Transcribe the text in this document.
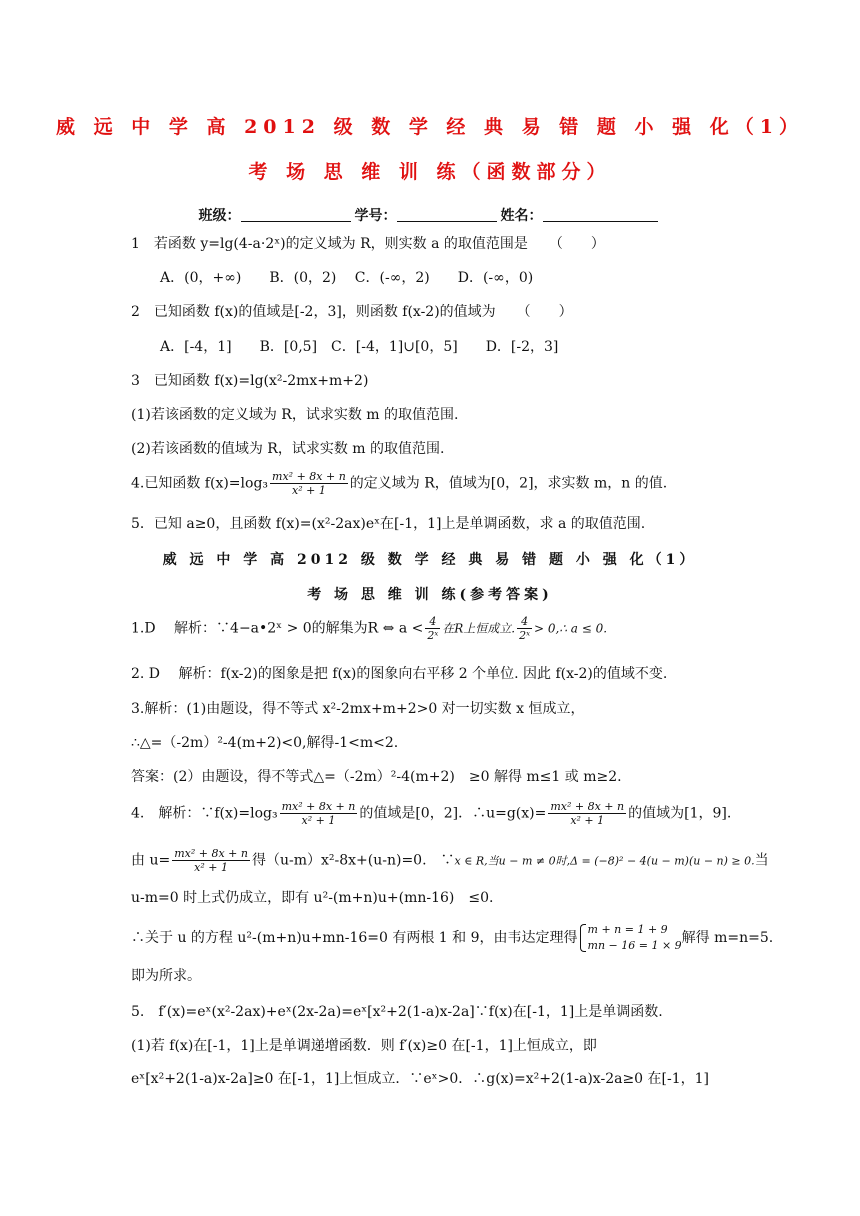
威 远 中 学 高 2012 级 数 学 经 典 易 错 题 小 强 化（1）
考 场 思 维 训 练（函数部分）
班级：	学号：	姓名：
1　若函数 y=lg(4-a·2ˣ)的定义域为 R，则实数 a 的取值范围是　　（　　）
A．(0，+∞)　　B．(0，2)　 C．(-∞，2)　　D．(-∞，0)
2　已知函数 f(x)的值域是[-2，3]，则函数 f(x-2)的值域为　　（　　）
A．[-4，1]　　B．[0,5]　C．[-4，1]∪[0，5]　　D．[-2，3]
3　已知函数 f(x)=lg(x²-2mx+m+2)
(1)若该函数的定义域为 R，试求实数 m 的取值范围.
(2)若该函数的值域为 R，试求实数 m 的取值范围.
4.已知函数 $f(x)=\log_3 \frac{\text{mx² + 8x + n}}{\text{x² + 1}}$ 的定义域为 R，值域为[0，2]，求实数 m，n 的值.
5．已知 a≥0，且函数 f(x)=(x²-2ax)eˣ在[-1，1]上是单调函数，求 a 的取值范围.
威 远 中 学 高 2012 级 数 学 经 典 易 错 题 小 强 化（1）
考 场 思 维 训 练(参考答案)
1.D　 解析：∵4−a•2ˣ > 0的解集为R ⇔ $a < \frac{4}{\text{2ˣ}}$ 在R上恒成立. $\frac{4}{\text{2ˣ}}$ > 0,∴ a ≤ 0.
2. D　 解析：f(x-2)的图象是把 f(x)的图象向右平移 2 个单位. 因此 f(x-2)的值域不变.
3.解析：(1)由题设，得不等式 x²-2mx+m+2>0 对一切实数 x 恒成立，
∴△=（-2m）²-4(m+2)<0,解得-1<m<2.
答案：(2）由题设，得不等式△=（-2m）²-4(m+2)　≥0 解得 m≤1 或 m≥2.
4.　解析：∵f(x)=log₃ $\frac{\text{mx² + 8x + n}}{\text{x² + 1}}$ 的值域是[0，2]．∴u=g(x)= $\frac{\text{mx² + 8x + n}}{\text{x² + 1}}$ 的值域为[1，9].
由 $u= \frac{\text{mx² + 8x + n}}{\text{x² + 1}}$ 得（u-m）x²-8x+(u-n)=0.　∵x ∈ R,当u − m ≠ 0时,Δ = (−8)² − 4(u − m)(u − n) ≥ 0.当
u-m=0 时上式仍成立，即有 u²-(m+n)u+(mn-16)　≤0.
∴关于 u 的方程 u²-(m+n)u+mn-16=0 有两根 1 和 9，由韦达定理得
m + n = 1 + 9
mn − 16 = 1 × 9 解得 m=n=5.
即为所求。
5.　f′(x)=eˣ(x²-2ax)+eˣ(2x-2a)=eˣ[x²+2(1-a)x-2a]∵f(x)在[-1，1]上是单调函数.
(1)若 f(x)在[-1，1]上是单调递增函数．则 f′(x)≥0 在[-1，1]上恒成立，即
eˣ[x²+2(1-a)x-2a]≥0 在[-1，1]上恒成立．∵eˣ>0．∴g(x)=x²+2(1-a)x-2a≥0 在[-1，1]
